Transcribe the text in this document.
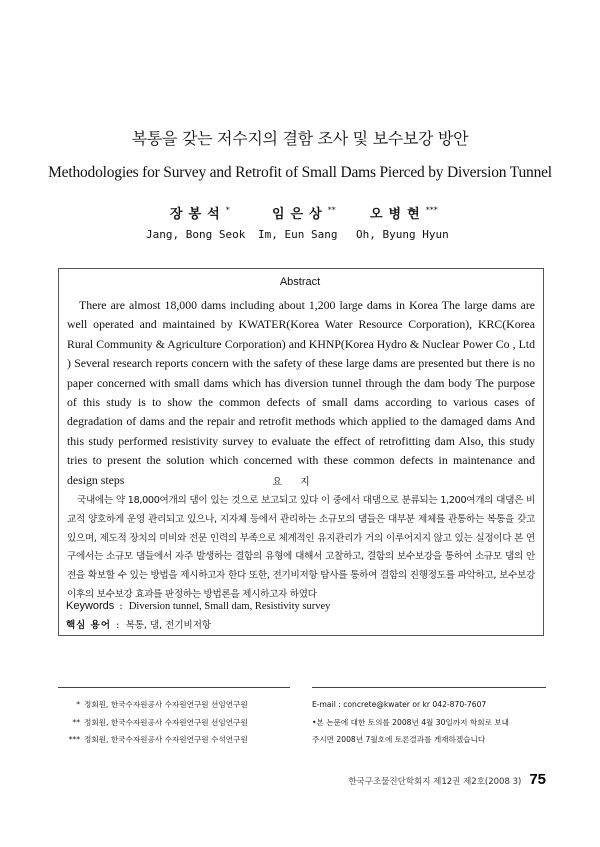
복통을 갖는 저수지의 결함 조사 및 보수보강 방안
Methodologies for Survey and Retrofit of Small Dams Pierced by Diversion Tunnel
장봉석*	임은상**	오병현***
Jang, Bong Seok Im, Eun Sang Oh, Byung Hyun
Abstract
There are almost 18,000 dams including about 1,200 large dams in Korea The large dams are well operated and maintained by KWATER(Korea Water Resource Corporation), KRC(Korea Rural Community & Agriculture Corporation) and KHNP(Korea Hydro & Nuclear Power Co , Ltd ) Several research reports concern with the safety of these large dams are presented but there is no paper concerned with small dams which has diversion tunnel through the dam body The purpose of this study is to show the common defects of small dams according to various cases of degradation of dams and the repair and retrofit methods which applied to the damaged dams And this study performed resistivity survey to evaluate the effect of retrofitting dam Also, this study tries to present the solution which concerned with these common defects in maintenance and design steps	요지
국내에는 약 18,000여개의 댐이 있는 것으로 보고되고 있다 이 중에서 대댐으로 분류되는 1,200여개의 대댐은 비교적 양호하게 운영 관리되고 있으나, 지자체 등에서 관리하는 소규모의 댐들은 대부분 제체를 관통하는 복통을 갖고 있으며, 제도적 장치의 미비와 전문 인력의 부족으로 체계적인 유지관리가 거의 이루어지지 않고 있는 실정이다 본 연구에서는 소규모 댐들에서 자주 발생하는 결함의 유형에 대해서 고찰하고, 결함의 보수보강을 통하여 소규모 댐의 안전을 확보할 수 있는 방법을 제시하고자 한다 또한, 전기비저항 탐사를 통하여 결함의 진행정도를 파악하고, 보수보강 이후의 보수보강 효과를 판정하는 방법론을 제시하고자 하였다
Keywords : Diversion tunnel, Small dam, Resistivity survey
핵심 용어 : 복통, 댐, 전기비저항
* 정회원, 한국수자원공사 수자원연구원 선임연구원
** 정회원, 한국수자원공사 수자원연구원 선임연구원
*** 정회원, 한국수자원공사 수자원연구원 수석연구원
E-mail : concrete@kwater or kr 042-870-7607
•본 논문에 대한 토의를 2008년 4월 30일까지 학회로 보내
주시면 2008년 7월호에 토론결과를 게재하겠습니다
한국구조물진단학회지 제12권 제2호(2008 3) 75
